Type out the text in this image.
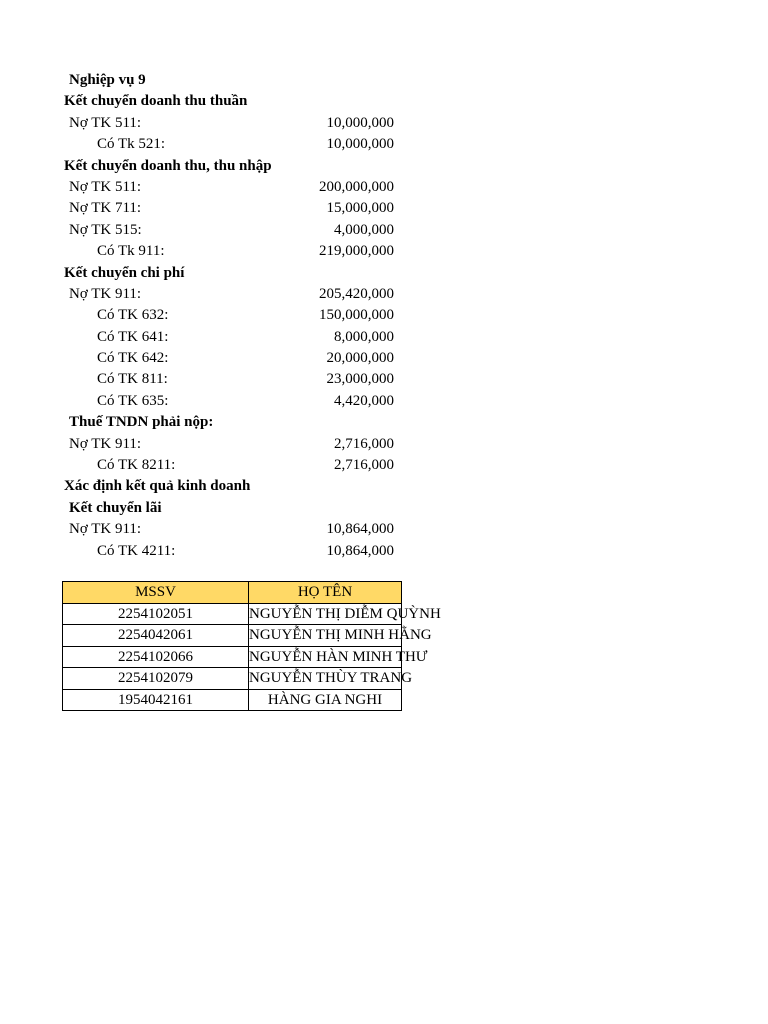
Nghiệp vụ 9
Kết chuyển doanh thu thuần
Nợ TK 511:	10,000,000
Có Tk 521:	10,000,000
Kết chuyển doanh thu, thu nhập
Nợ TK 511:	200,000,000
Nợ TK 711:	15,000,000
Nợ TK 515:	4,000,000
Có Tk 911:	219,000,000
Kết chuyển chi phí
Nợ TK 911:	205,420,000
Có TK 632:	150,000,000
Có TK 641:	8,000,000
Có TK 642:	20,000,000
Có TK 811:	23,000,000
Có TK 635:	4,420,000
Thuế TNDN phải nộp:
Nợ TK 911:	2,716,000
Có TK 8211:	2,716,000
Xác định kết quả kinh doanh
Kết chuyển lãi
Nợ TK 911:	10,864,000
Có TK 4211:	10,864,000
MSSV	HỌ TÊN
2254102051	NGUYỄN THỊ DIỄM QUỲNH

2254042061	NGUYỄN THỊ MINH HẰNG

2254102066	NGUYỄN HÀN MINH THƯ

2254102079	NGUYỄN THÙY TRANG

1954042161	HÀNG GIA NGHI
